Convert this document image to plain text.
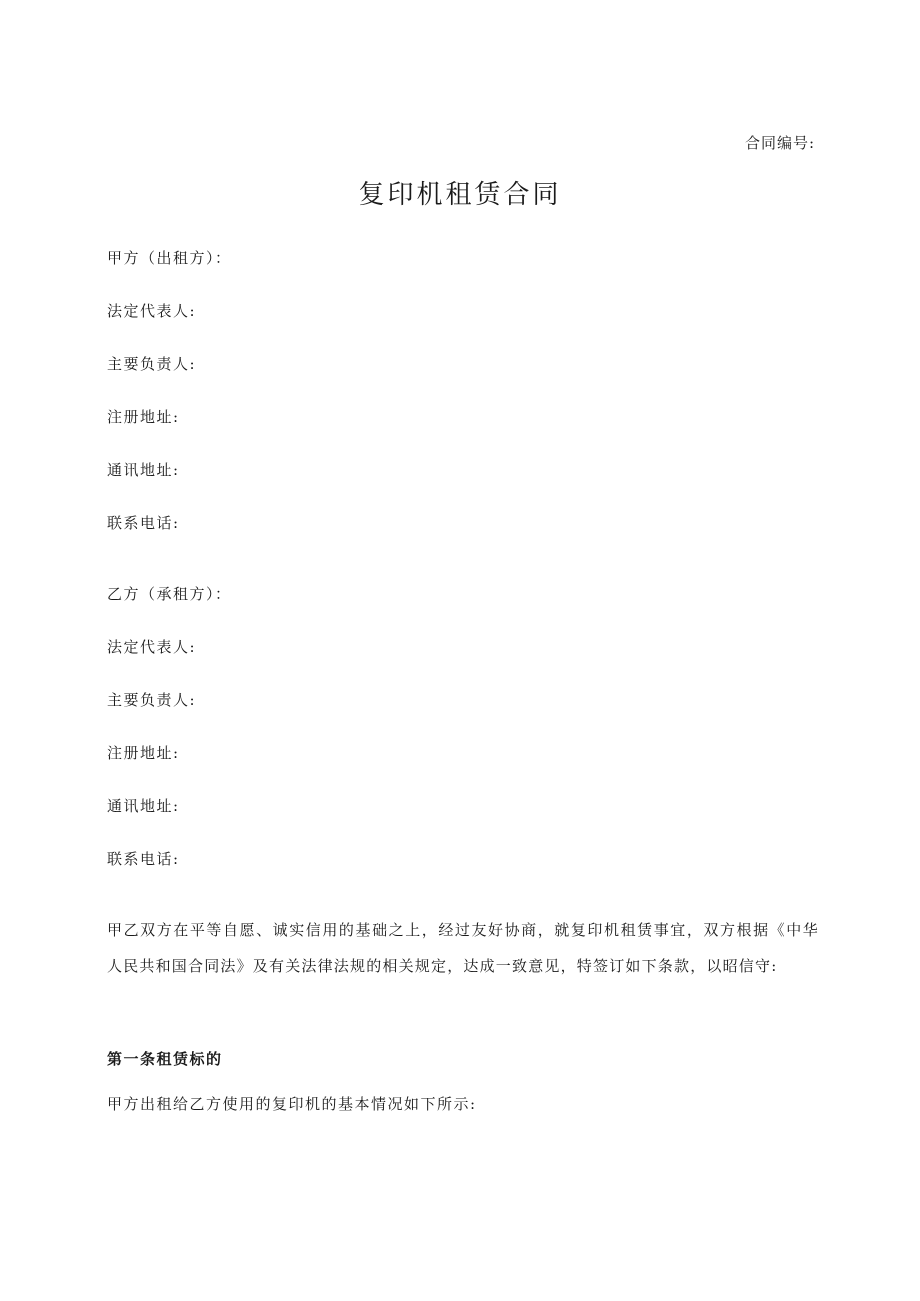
合同编号:
复印机租赁合同
甲方（出租方）：
法定代表人:
主要负责人:
注册地址:
通讯地址:
联系电话:
乙方（承租方）：
法定代表人:
主要负责人:
注册地址:
通讯地址:
联系电话:

甲乙双方在平等自愿、诚实信用的基础之上，经过友好协商，就复印机租赁事宜，双方根据《中华人民共和国合同法》及有关法律法规的相关规定，达成一致意见，特签订如下条款，以昭信守:

第一条租赁标的
甲方出租给乙方使用的复印机的基本情况如下所示:
